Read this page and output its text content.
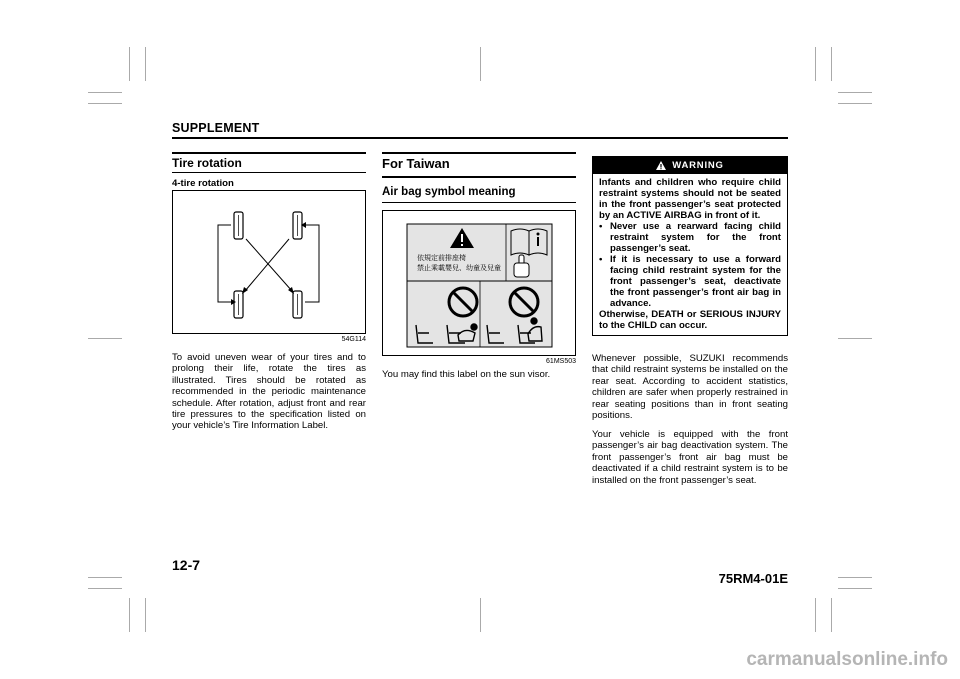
SUPPLEMENT
Tire rotation
4-tire rotation
54G114
To avoid uneven wear of your tires and to prolong their life, rotate the tires as illustrated. Tires should be rotated as recommended in the periodic maintenance schedule. After rotation, adjust front and rear tire pressures to the specification listed on your vehicle’s Tire Information Label.
For Taiwan
Air bag symbol meaning
依規定前排座椅
禁止乘載嬰兒、幼童及兒童
61MS503
You may find this label on the sun visor.
WARNING
Infants and children who require child restraint systems should not be seated in the front passenger’s seat protected by an ACTIVE AIRBAG in front of it.
• Never use a rearward facing child restraint system for the front passenger’s seat.
• If it is necessary to use a forward facing child restraint system for the front passenger’s seat, deactivate the front passenger’s front air bag in advance.
Otherwise, DEATH or SERIOUS INJURY to the CHILD can occur.
Whenever possible, SUZUKI recommends that child restraint systems be installed on the rear seat. According to accident statistics, children are safer when properly restrained in rear seating positions than in front seating positions.
Your vehicle is equipped with the front passenger’s air bag deactivation system. The front passenger’s front air bag must be deactivated if a child restraint system is to be installed on the front passenger’s seat.
12-7
75RM4-01E
carmanualsonline.info
